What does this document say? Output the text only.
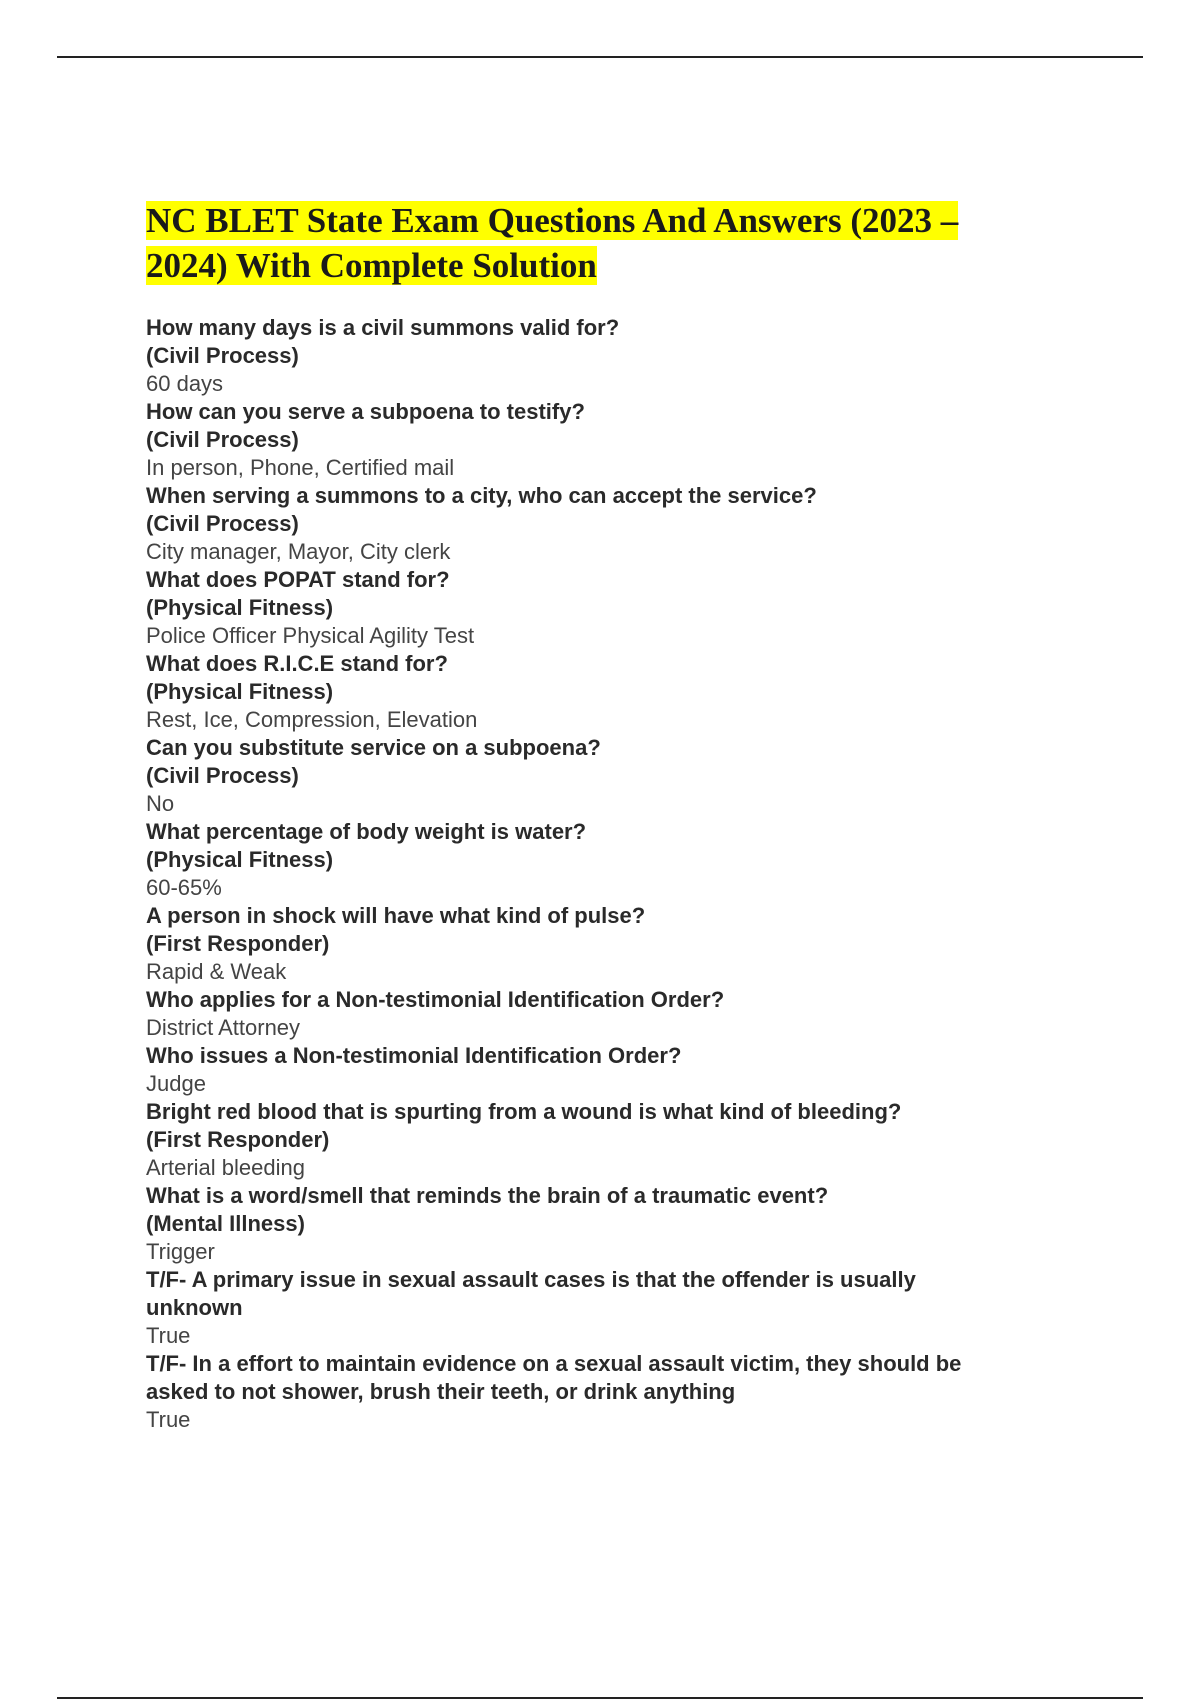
NC BLET State Exam Questions And Answers (2023 –
2024) With Complete Solution
How many days is a civil summons valid for?
(Civil Process)
60 days
How can you serve a subpoena to testify?
(Civil Process)
In person, Phone, Certified mail
When serving a summons to a city, who can accept the service?
(Civil Process)
City manager, Mayor, City clerk
What does POPAT stand for?
(Physical Fitness)
Police Officer Physical Agility Test
What does R.I.C.E stand for?
(Physical Fitness)
Rest, Ice, Compression, Elevation
Can you substitute service on a subpoena?
(Civil Process)
No
What percentage of body weight is water?
(Physical Fitness)
60-65%
A person in shock will have what kind of pulse?
(First Responder)
Rapid & Weak
Who applies for a Non-testimonial Identification Order?
District Attorney
Who issues a Non-testimonial Identification Order?
Judge
Bright red blood that is spurting from a wound is what kind of bleeding?
(First Responder)
Arterial bleeding
What is a word/smell that reminds the brain of a traumatic event?
(Mental Illness)
Trigger
T/F- A primary issue in sexual assault cases is that the offender is usually
unknown
True
T/F- In a effort to maintain evidence on a sexual assault victim, they should be
asked to not shower, brush their teeth, or drink anything
True
